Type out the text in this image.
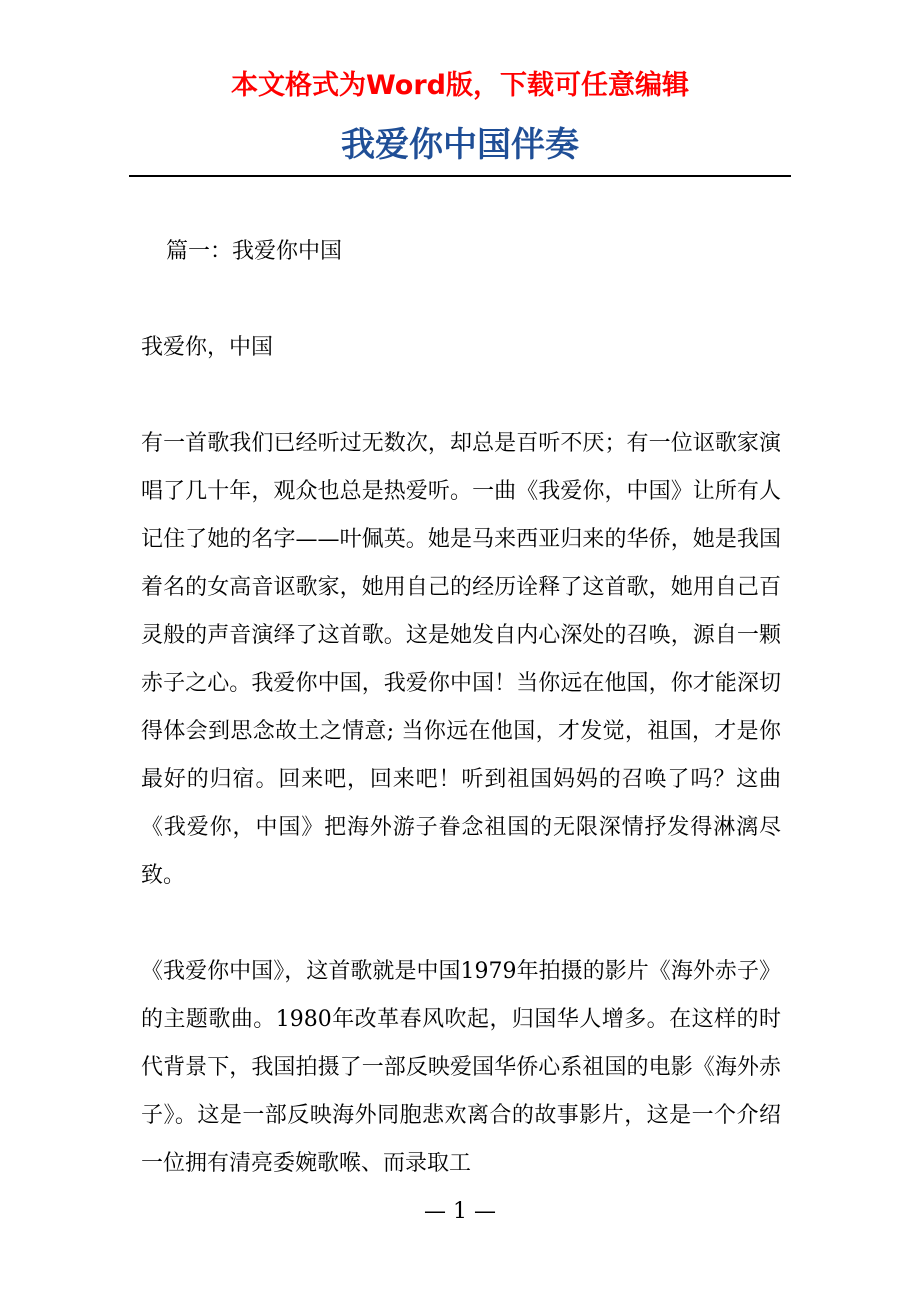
本文格式为Word版，下载可任意编辑
我爱你中国伴奏

篇一：我爱你中国

我爱你，中国

有一首歌我们已经听过无数次，却总是百听不厌；有一位讴歌家演唱了几十年，观众也总是热爱听。一曲《我爱你，中国》让所有人记住了她的名字——叶佩英。她是马来西亚归来的华侨，她是我国着名的女高音讴歌家，她用自己的经历诠释了这首歌，她用自己百灵般的声音演绎了这首歌。这是她发自内心深处的召唤，源自一颗赤子之心。我爱你中国，我爱你中国！当你远在他国，你才能深切得体会到思念故土之情意; 当你远在他国，才发觉，祖国，才是你最好的归宿。回来吧，回来吧！听到祖国妈妈的召唤了吗？这曲《我爱你，中国》把海外游子眷念祖国的无限深情抒发得淋漓尽致。

《我爱你中国》，这首歌就是中国1979年拍摄的影片《海外赤子》的主题歌曲。1980年改革春风吹起，归国华人增多。在这样的时代背景下，我国拍摄了一部反映爱国华侨心系祖国的电影《海外赤子》。这是一部反映海外同胞悲欢离合的故事影片，这是一个介绍一位拥有清亮委婉歌喉、而录取工

— 1 —
